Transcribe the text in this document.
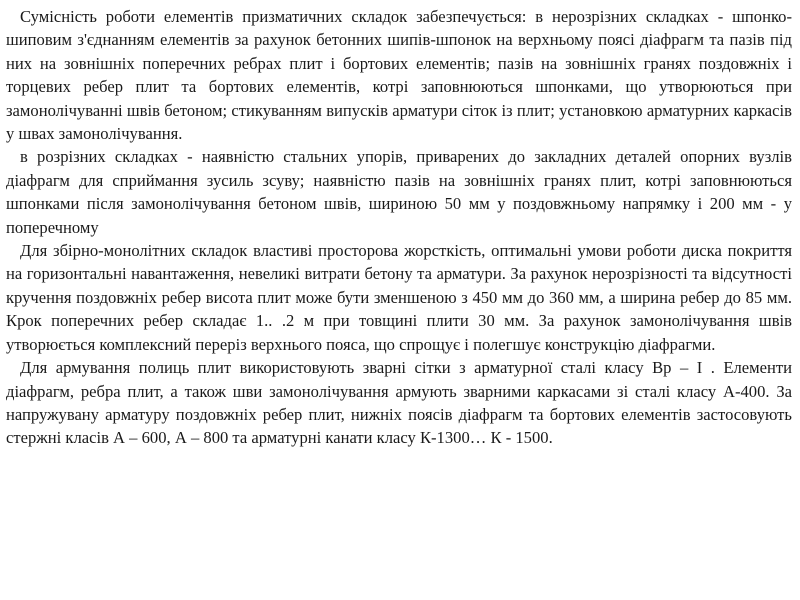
Сумісність роботи елементів призматичних складок забезпечується: в нерозрізних складках - шпонко-шиповим з'єднанням елементів за рахунок бетонних шипів-шпонок на верхньому поясі діафрагм та пазів під них на зовнішніх поперечних ребрах плит і бортових елементів; пазів на зовнішніх гранях поздовжніх і торцевих ребер плит та бортових елементів, котрі заповнюються шпонками, що утворюються при замонолічуванні швів бетоном; стикуванням випусків арматури сіток із плит; установкою арматурних каркасів у швах замонолічування.

в розрізних складках - наявністю стальних упорів, приварених до закладних деталей опорних вузлів діафрагм для сприймання зусиль зсуву; наявністю пазів на зовнішніх гранях плит, котрі заповнюються шпонками після замонолічування бетоном швів, шириною 50 мм у поздовжньому напрямку і 200 мм - у поперечному

Для збірно-монолітних складок властиві просторова жорсткість, оптимальні умови роботи диска покриття на горизонтальні навантаження, невеликі витрати бетону та арматури. За рахунок нерозрізності та відсутності кручення поздовжніх ребер висота плит може бути зменшеною з 450 мм до 360 мм, а ширина ребер до 85 мм. Крок поперечних ребер складає 1.. .2 м при товщині плити 30 мм. За рахунок замонолічування швів утворюється комплексний переріз верхнього пояса, що спрощує і полегшує конструкцію діафрагми.

Для армування полиць плит використовують зварні сітки з арматурної сталі класу Вр – І . Елементи діафрагм, ребра плит, а також шви замонолічування армують зварними каркасами зі сталі класу А-400. За напружувану арматуру поздовжніх ребер плит, нижніх поясів діафрагм та бортових елементів застосовують стержні класів А – 600, А – 800 та арматурні канати класу К-1300… К - 1500.
